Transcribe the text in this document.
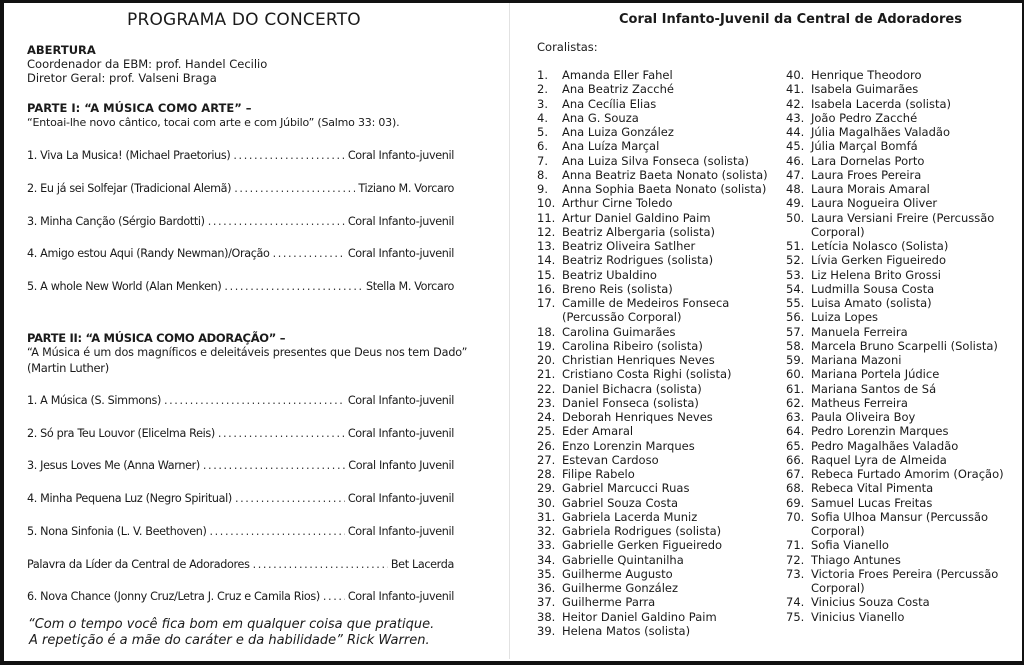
PROGRAMA DO CONCERTO
ABERTURA
Coordenador da EBM: prof. Handel Cecilio
Diretor Geral: prof. Valseni Braga
PARTE I: “A MÚSICA COMO ARTE” –
“Entoai-lhe novo cântico, tocai com arte e com Júbilo” (Salmo 33: 03).
1. Viva La Musica! (Michael Praetorius) .....	Coral Infanto-juvenil
2. Eu já sei Solfejar (Tradicional Alemã) .....	Tiziano M. Vorcaro
3. Minha Canção (Sérgio Bardotti) .....	Coral Infanto-juvenil
4. Amigo estou Aqui (Randy Newman)/Oração .....	Coral Infanto-juvenil
5. A whole New World (Alan Menken) .....	Stella M. Vorcaro
PARTE II: “A MÚSICA COMO ADORAÇÃO” –
“A Música é um dos magníficos e deleitáveis presentes que Deus nos tem Dado”
(Martin Luther)
1. A Música (S. Simmons) .....	Coral Infanto-juvenil
2. Só pra Teu Louvor (Elicelma Reis) .....	Coral Infanto-juvenil
3. Jesus Loves Me (Anna Warner) .....	Coral Infanto Juvenil
4. Minha Pequena Luz (Negro Spiritual) .....	Coral Infanto-juvenil
5. Nona Sinfonia (L. V. Beethoven) .....	Coral Infanto-juvenil
Palavra da Líder da Central de Adoradores .....	Bet Lacerda
6. Nova Chance (Jonny Cruz/Letra J. Cruz e Camila Rios) ..... Coral Infanto-juvenil
“Com o tempo você fica bom em qualquer coisa que pratique.
A repetição é a mãe do caráter e da habilidade” Rick Warren.
Coral Infanto-Juvenil da Central de Adoradores
Coralistas:
1.	Amanda Eller Fahel
2.	Ana Beatriz Zacché
3.	Ana Cecília Elias
4.	Ana G. Souza
5.	Ana Luiza González
6.	Ana Luíza Marçal
7.	Ana Luiza Silva Fonseca (solista)
8.	Anna Beatriz Baeta Nonato (solista)
9.	Anna Sophia Baeta Nonato (solista)
10. Arthur Cirne Toledo
11. Artur Daniel Galdino Paim
12. Beatriz Albergaria (solista)
13. Beatriz Oliveira Satlher
14. Beatriz Rodrigues (solista)
15. Beatriz Ubaldino
16. Breno Reis (solista)
17. Camille de Medeiros Fonseca
(Percussão Corporal)
18. Carolina Guimarães
19. Carolina Ribeiro (solista)
20. Christian Henriques Neves
21. Cristiano Costa Righi (solista)
22. Daniel Bichacra (solista)
23. Daniel Fonseca (solista)
24. Deborah Henriques Neves
25. Eder Amaral
26. Enzo Lorenzin Marques
27. Estevan Cardoso
28. Filipe Rabelo
29. Gabriel Marcucci Ruas
30. Gabriel Souza Costa
31. Gabriela Lacerda Muniz
32. Gabriela Rodrigues (solista)
33. Gabrielle Gerken Figueiredo
34. Gabrielle Quintanilha
35. Guilherme Augusto
36. Guilherme González
37. Guilherme Parra
38. Heitor Daniel Galdino Paim
39. Helena Matos (solista)
40. Henrique Theodoro
41. Isabela Guimarães
42. Isabela Lacerda (solista)
43. João Pedro Zacché
44. Júlia Magalhães Valadão
45. Júlia Marçal Bomfá
46. Lara Dornelas Porto
47. Laura Froes Pereira
48. Laura Morais Amaral
49. Laura Nogueira Oliver
50. Laura Versiani Freire (Percussão
Corporal)
51. Letícia Nolasco (Solista)
52. Lívia Gerken Figueiredo
53. Liz Helena Brito Grossi
54. Ludmilla Sousa Costa
55. Luisa Amato (solista)
56. Luiza Lopes
57. Manuela Ferreira
58. Marcela Bruno Scarpelli (Solista)
59. Mariana Mazoni
60. Mariana Portela Júdice
61. Mariana Santos de Sá
62. Matheus Ferreira
63. Paula Oliveira Boy
64. Pedro Lorenzin Marques
65. Pedro Magalhães Valadão
66. Raquel Lyra de Almeida
67. Rebeca Furtado Amorim (Oração)
68. Rebeca Vital Pimenta
69. Samuel Lucas Freitas
70. Sofia Ulhoa Mansur (Percussão
Corporal)
71. Sofia Vianello
72. Thiago Antunes
73. Victoria Froes Pereira (Percussão
Corporal)
74. Vinicius Souza Costa
75. Vinicius Vianello
